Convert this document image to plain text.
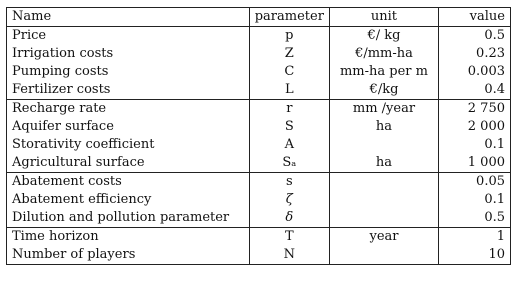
Name	parameter	unit	value
Price	p	€/ kg	0.5
Irrigation costs	Z	€/mm-ha	0.23
Pumping costs	C	mm-ha per m	0.003
Fertilizer costs	L	€/kg	0.4
Recharge rate	r	mm /year	2 750
Aquifer surface	S	ha	2 000
Storativity coefficient	A		0.1
Agricultural surface	Sₐ	ha	1 000
Abatement costs	s		0.05
Abatement efficiency	ζ		0.1
Dilution and pollution parameter	δ		0.5
Time horizon	T	year	1
Number of players	N		10
